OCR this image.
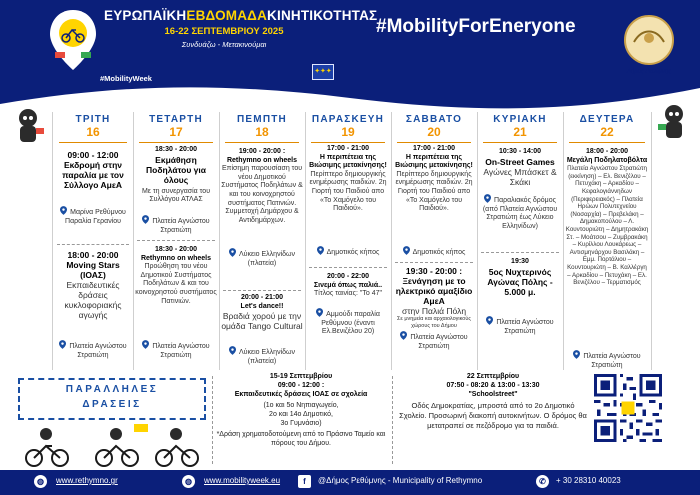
ΕΥΡΩΠΑΪΚΗΕΒΔΟΜΑΔΑΚΙΝΗΤΙΚΟΤΗΤΑΣ
16-22 ΣΕΠΤΕΜΒΡΙΟΥ 2025
Συνδυάζω - Μετακινούμαι
#MobilityWeek
#MobilityForEneryone
✦✦✦	Δήμος Ρεθύμνης
ΤΡΙΤΗ
16
09:00 - 12:00
Εκδρομή στην παραλία με τον Σύλλογο ΑμεΑ
Μαρίνα Ρεθύμνου Παραλία Γερανίου
18:00 - 20:00
Moving Stars (ΙΟΑΣ)
Εκπαιδευτικές δράσεις κυκλοφοριακής αγωγής
Πλατεία Αγνώστου Στρατιώτη
ΤΕΤΑΡΤΗ
17
18:30 - 20:00
Εκμάθηση Ποδηλάτου για όλους
Με τη συνεργασία του Συλλόγου ΑΤΛΑΣ
Πλατεία Αγνώστου Στρατιώτη
18:30 - 20:00
Rethymno on wheels
Προώθηση του νέου Δημοτικού Συστήματος Ποδηλάτων & και του κοινοχρηστού συστήματος Πατινιών.
Πλατεία Αγνώστου Στρατιώτη
ΠΕΜΠΤΗ
18
19:00 - 20:00 :
Rethymno on wheels
Επίσημη παρουσίαση του νέου Δημοτικού Συστήματος Ποδηλάτων & και του κοινοχρηστού συστήματος Πατινιών. Συμμετοχή Δημάρχου & Αντιδημάρχων.
Λύκειο Ελληνίδων (πλατεία)
20:00 - 21:00
Let's dance!!
Βραδιά χορού με την ομάδα Tango Cultural
Λύκειο Ελληνίδων (πλατεία)
ΠΑΡΑΣΚΕΥΗ
19
17:00 - 21:00
Η περιπέτεια της Βιώσιμης μετακίνησης!
Περίπτερο δημιουργικής ενημέρωσης παιδιών. 2η Γιορτή του Παιδιού απο «Το Χαμόγελο του Παιδιού».
Δημοτικός κήπος
20:00 - 22:00
Σινεμά όπως παλιά..
Τίτλος ταινίας: "To 47"
Αμμούδι παραλία Ρεθύμνου (έναντι Ελ.Βενιζέλου 20)
ΣΑΒΒΑΤΟ
20
17:00 - 21:00
Η περιπέτεια της Βιώσιμης μετακίνησης!
Περίπτερο δημιουργικής ενημέρωσης παιδιών. 2η Γιορτή του Παιδιού απο «Το Χαμόγελο του Παιδιού».
Δημοτικός κήπος
19:30 - 20:00 :
Ξενάγηση με το ηλεκτρικό αμαξίδιο ΑμεΑ
στην Παλιά Πόλη
Σε μνημεία και αρχαιολογικούς χώρους του Δήμου
Πλατεία Αγνώστου Στρατιώτη
ΚΥΡΙΑΚΗ
21
10:30 - 14:00
On-Street Games
Αγώνες Μπάσκετ & Σκάκι
Παραλιακός δρόμος (από Πλατεία Αγνώστου Στρατιώτη έως Λύκειο Ελληνίδων)
19:30
5ος Νυχτερινός Αγώνας Πόλης - 5.000 μ.
Πλατεία Αγνώστου Στρατιώτη
ΔΕΥΤΕΡΑ
22
18:00 - 20:00
Μεγάλη Ποδηλατοβόλτα
Πλατεία Αγνώστου Στρατιώτη (εκκίνηση) – Ελ. Βενιζέλου – Πετυχάκη – Αρκαδίου – Κεφαλογιάννηδων (Περιφερειακός) – Πλατεία Ηρώων Πολυτεχνείου (Νοσαρχία) – Πρεβελάκη – Δημακοπούλου – Λ. Κουντουριώτη – Δημητρακάκη Στ. – Μοάτσου – Ζυμβρακάκη – Κυρίλλου Λουκάρεως – Αντισμηνάρχου Βασιλάκη – Εμμ. Πορτάλιου – Κουντουριώτη – Β. Καλλέργη – Αρκαδίου – Πετυχάκη – Ελ. Βενιζέλου – Τερματισμός
Πλατεία Αγνώστου Στρατιώτη
ΠΑΡΑΛΛΗΛΕΣ
ΔΡΑΣΕΙΣ
15-19 Σεπτεμβρίου
09:00 - 12:00 :
Εκπαιδευτικές δράσεις ΙΟΑΣ σε σχολεία
(1ο και 5ο Νηπιαγωγείο,
2ο και 14ο Δημοτικό,
3ο Γυμνάσιο)
*Δράση χρηματοδοτούμενη από το Πράσινο Ταμείο και πόρους του Δήμου.
22 Σεπτεμβρίου
07:50 - 08:20 & 13:00 - 13:30
"Schoolstreet"
Οδός Δημοκρατίας, μπροστά από το 2ο Δημοτικό Σχολείο. Προσωρινή διακοπή αυτοκινήτων. Ο δρόμος θα μετατραπεί σε πεζόδρομο για τα παιδιά.
◍	www.rethymno.gr	◍	www.mobilityweek.eu	f	@Δήμος Ρεθύμνης - Municipality of Rethymno	✆	+ 30 28310 40023
